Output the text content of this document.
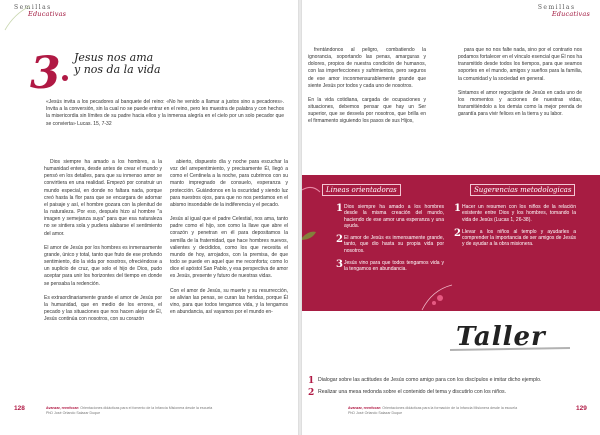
Semillas
Educativas
3 Jesus nos ama
y nos da la vida
«Jesús invita a los pecadores al banquete del reino: «No he venido a llamar a justos sino a pecadores». Invita a la conversión, sin la cual no se puede entrar en el reino, pero les muestra de palabra y con hechos la misericordia sin límites de su padre hacia ellos y la inmensa alegría en el cielo por un solo pecador que se convierta» Lucas. 15, 7-32

Dios siempre ha amado a los hombres, a la humanidad entera, desde antes de crear el mundo y pensó en los detalles, para que su inmenso amor se convirtiera en una realidad. Empezó por construir un mundo especial, en donde no faltara nada, porque creó hasta la flor para que se encargara de adornar el paisaje y así, el hombre gozara con la plenitud de la naturaleza. Por eso, después hizo al hombre "a imagen y semejanza suya" para que esa naturaleza no se sintiera sola y pudiera alabarse el sentimiento del amor.

El amor de Jesús por los hombres es inmensamente grande, único y total, tanto que fruto de ese profundo sentimiento, dio la vida por nosotros, ofreciéndose a un suplicio de cruz, que solo el hijo de Dios, pudo aceptar para unir los horizontes del tiempo en donde se pensaba la redención.

Es extraordinariamente grande el amor de Jesús por la humanidad, que en medio de los errores, el pecado y las situaciones que nos hacen alejar de Él, Jesús continúa con nosotros, con su corazón

abierto, dispuesto día y noche para escuchar la voz del arrepentimiento, y precisamente Él, llegó a como el Centinela a la noche, para cubrirnos con su manto impregnado de consuelo, esperanza y protección. Guiándonos en la oscuridad y siendo luz para nuestros ojos, para que no nos perdamos en el abismo insondable de la indiferencia y el pecado.

Jesús al igual que el padre Celestial, nos ama, tanto padre como el hijo, son como la llave que abre el corazón y penetran en él para depositamos la semilla de la fraternidad, que hace hombres nuevos, valientes y decididos, como los que necesita el mundo de hoy, arrojados, con la premisa, de que todo se puede en aquel que me reconforta; como lo dice el apóstol San Pablo, y esa perspectiva de amor es Jesús, presente y futuro de nuestras vidas.

Con el amor de Jesús, su muerte y su resurrección, se alivian las penas, se curan las heridas, porque Él vino, para que todos tengamos vida, y la tengamos en abundancia, así vayamos por el mundo en-

Avanzar, reenfocar: Orientaciones didácticas para el fomento de la Infancia Misionera desde la escuela
PhD José Orlando Salazar Duque
128
Semillas
Educativas

frentándonos al peligro, combatiendo la ignorancia, soportando las penas, amarguras y dolores, propios de nuestra condición de humanos, con las imperfecciones y sufrimientos, pero seguros de ese amor inconmensurablemente grande que siente Jesús por todos y cada uno de nosotros.

En la vida cotidiana, cargada de ocupaciones y situaciones, debemos pensar que hay un Ser superior, que se desvela por nosotros, que brilla en el firmamento siguiendo los pasos de sus Hijos,

para que no nos falte nada, sino por el contrario nos podamos fortalecer en el vínculo esencial que Él nos ha transmitido desde todos los tiempos, para que seamos soportes en el mundo, amigos y sueños para la familia, la comunidad y la sociedad en general.

Sintamos el amor regocijante de Jesús en cada uno de los momentos y acciones de nuestras vidas, transmitiéndolo a los demás como la mejor prenda de garantía para vivir felices en la tierra y su labor.

Lineas orientadoras	Sugerencias metodologicas
1 Dios siempre ha amado a los hombres desde la misma creación del mundo, haciendo de ese amor una esperanza y una ayuda.
2 El amor de Jesús es inmensamente grande, tanto, que dio hasta su propia vida por nosotros.
3 Jesús vino para que todos tengamos vida y la tengamos en abundancia.
1 Hacer un resumen con los niños de la relación existente entre Dios y los hombres, tomando la vida de Jesús (Lucas 1, 26-38).
2 Llevar a los niños al templo y ayudarles a comprender la importancia de ser amigos de Jesús y de ayudar a la obra misionera.
Taller
1 Dialogar sobre las actitudes de Jesús como amigo para con los discípulos e imitar dicho ejemplo.
2 Realizar una mesa redonda sobre el contenido del tema y discutirlo con los niños.
Avanzar, reenfocar: Orientaciones didácticas para la formación de la Infancia Misionera desde la escuela
PhD José Orlando Salazar Duque
129
